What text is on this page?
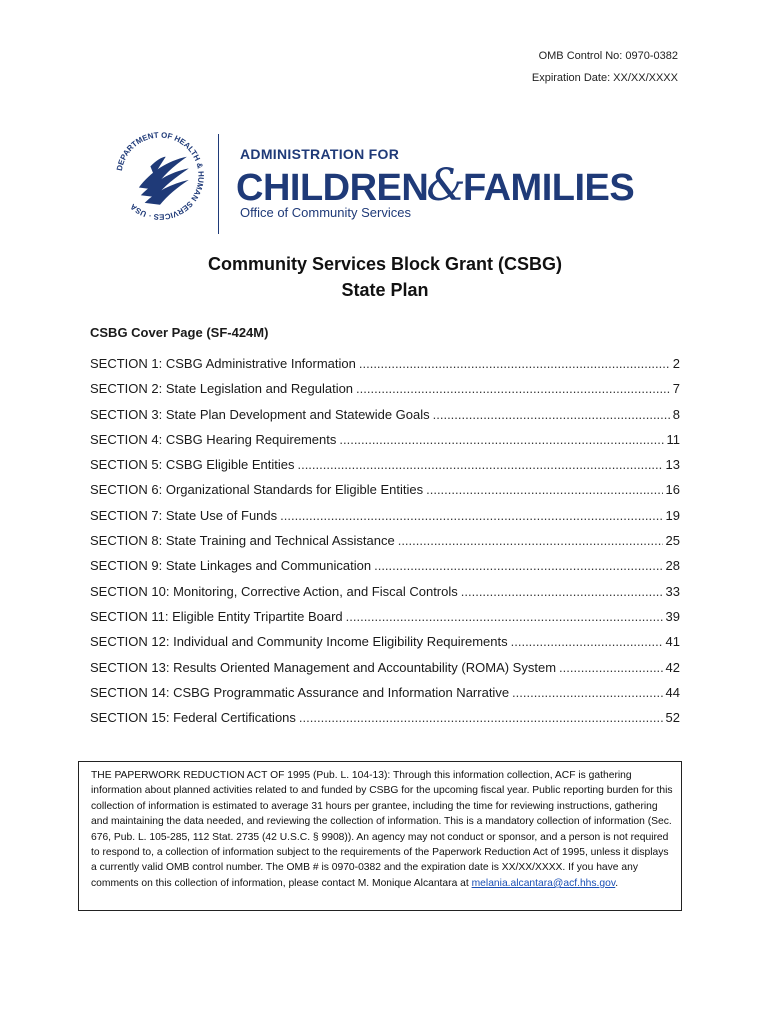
OMB Control No: 0970-0382
Expiration Date: XX/XX/XXXX
DEPARTMENT OF HEALTH & HUMAN SERVICES · USA
ADMINISTRATION FOR
CHILDREN&FAMILIES
Office of Community Services
Community Services Block Grant (CSBG)
State Plan
CSBG Cover Page (SF-424M)
SECTION 1: CSBG Administrative Information .....	2
SECTION 2: State Legislation and Regulation .....	7
SECTION 3: State Plan Development and Statewide Goals .....	8
SECTION 4: CSBG Hearing Requirements .....	11
SECTION 5: CSBG Eligible Entities .....	13
SECTION 6: Organizational Standards for Eligible Entities .....	16
SECTION 7: State Use of Funds .....	19
SECTION 8: State Training and Technical Assistance .....	25
SECTION 9: State Linkages and Communication .....	28
SECTION 10: Monitoring, Corrective Action, and Fiscal Controls .....	33
SECTION 11: Eligible Entity Tripartite Board .....	39
SECTION 12: Individual and Community Income Eligibility Requirements .....	41
SECTION 13: Results Oriented Management and Accountability (ROMA) System .....	42
SECTION 14: CSBG Programmatic Assurance and Information Narrative .....	44
SECTION 15: Federal Certifications .....	52
THE PAPERWORK REDUCTION ACT OF 1995 (Pub. L. 104-13): Through this information collection, ACF is gathering information about planned activities related to and funded by CSBG for the upcoming fiscal year. Public reporting burden for this collection of information is estimated to average 31 hours per grantee, including the time for reviewing instructions, gathering and maintaining the data needed, and reviewing the collection of information. This is a mandatory collection of information (Sec. 676, Pub. L. 105-285, 112 Stat. 2735 (42 U.S.C. § 9908)). An agency may not conduct or sponsor, and a person is not required to respond to, a collection of information subject to the requirements of the Paperwork Reduction Act of 1995, unless it displays a currently valid OMB control number. The OMB # is 0970-0382 and the expiration date is XX/XX/XXXX. If you have any comments on this collection of information, please contact M. Monique Alcantara at melania.alcantara@acf.hhs.gov.
